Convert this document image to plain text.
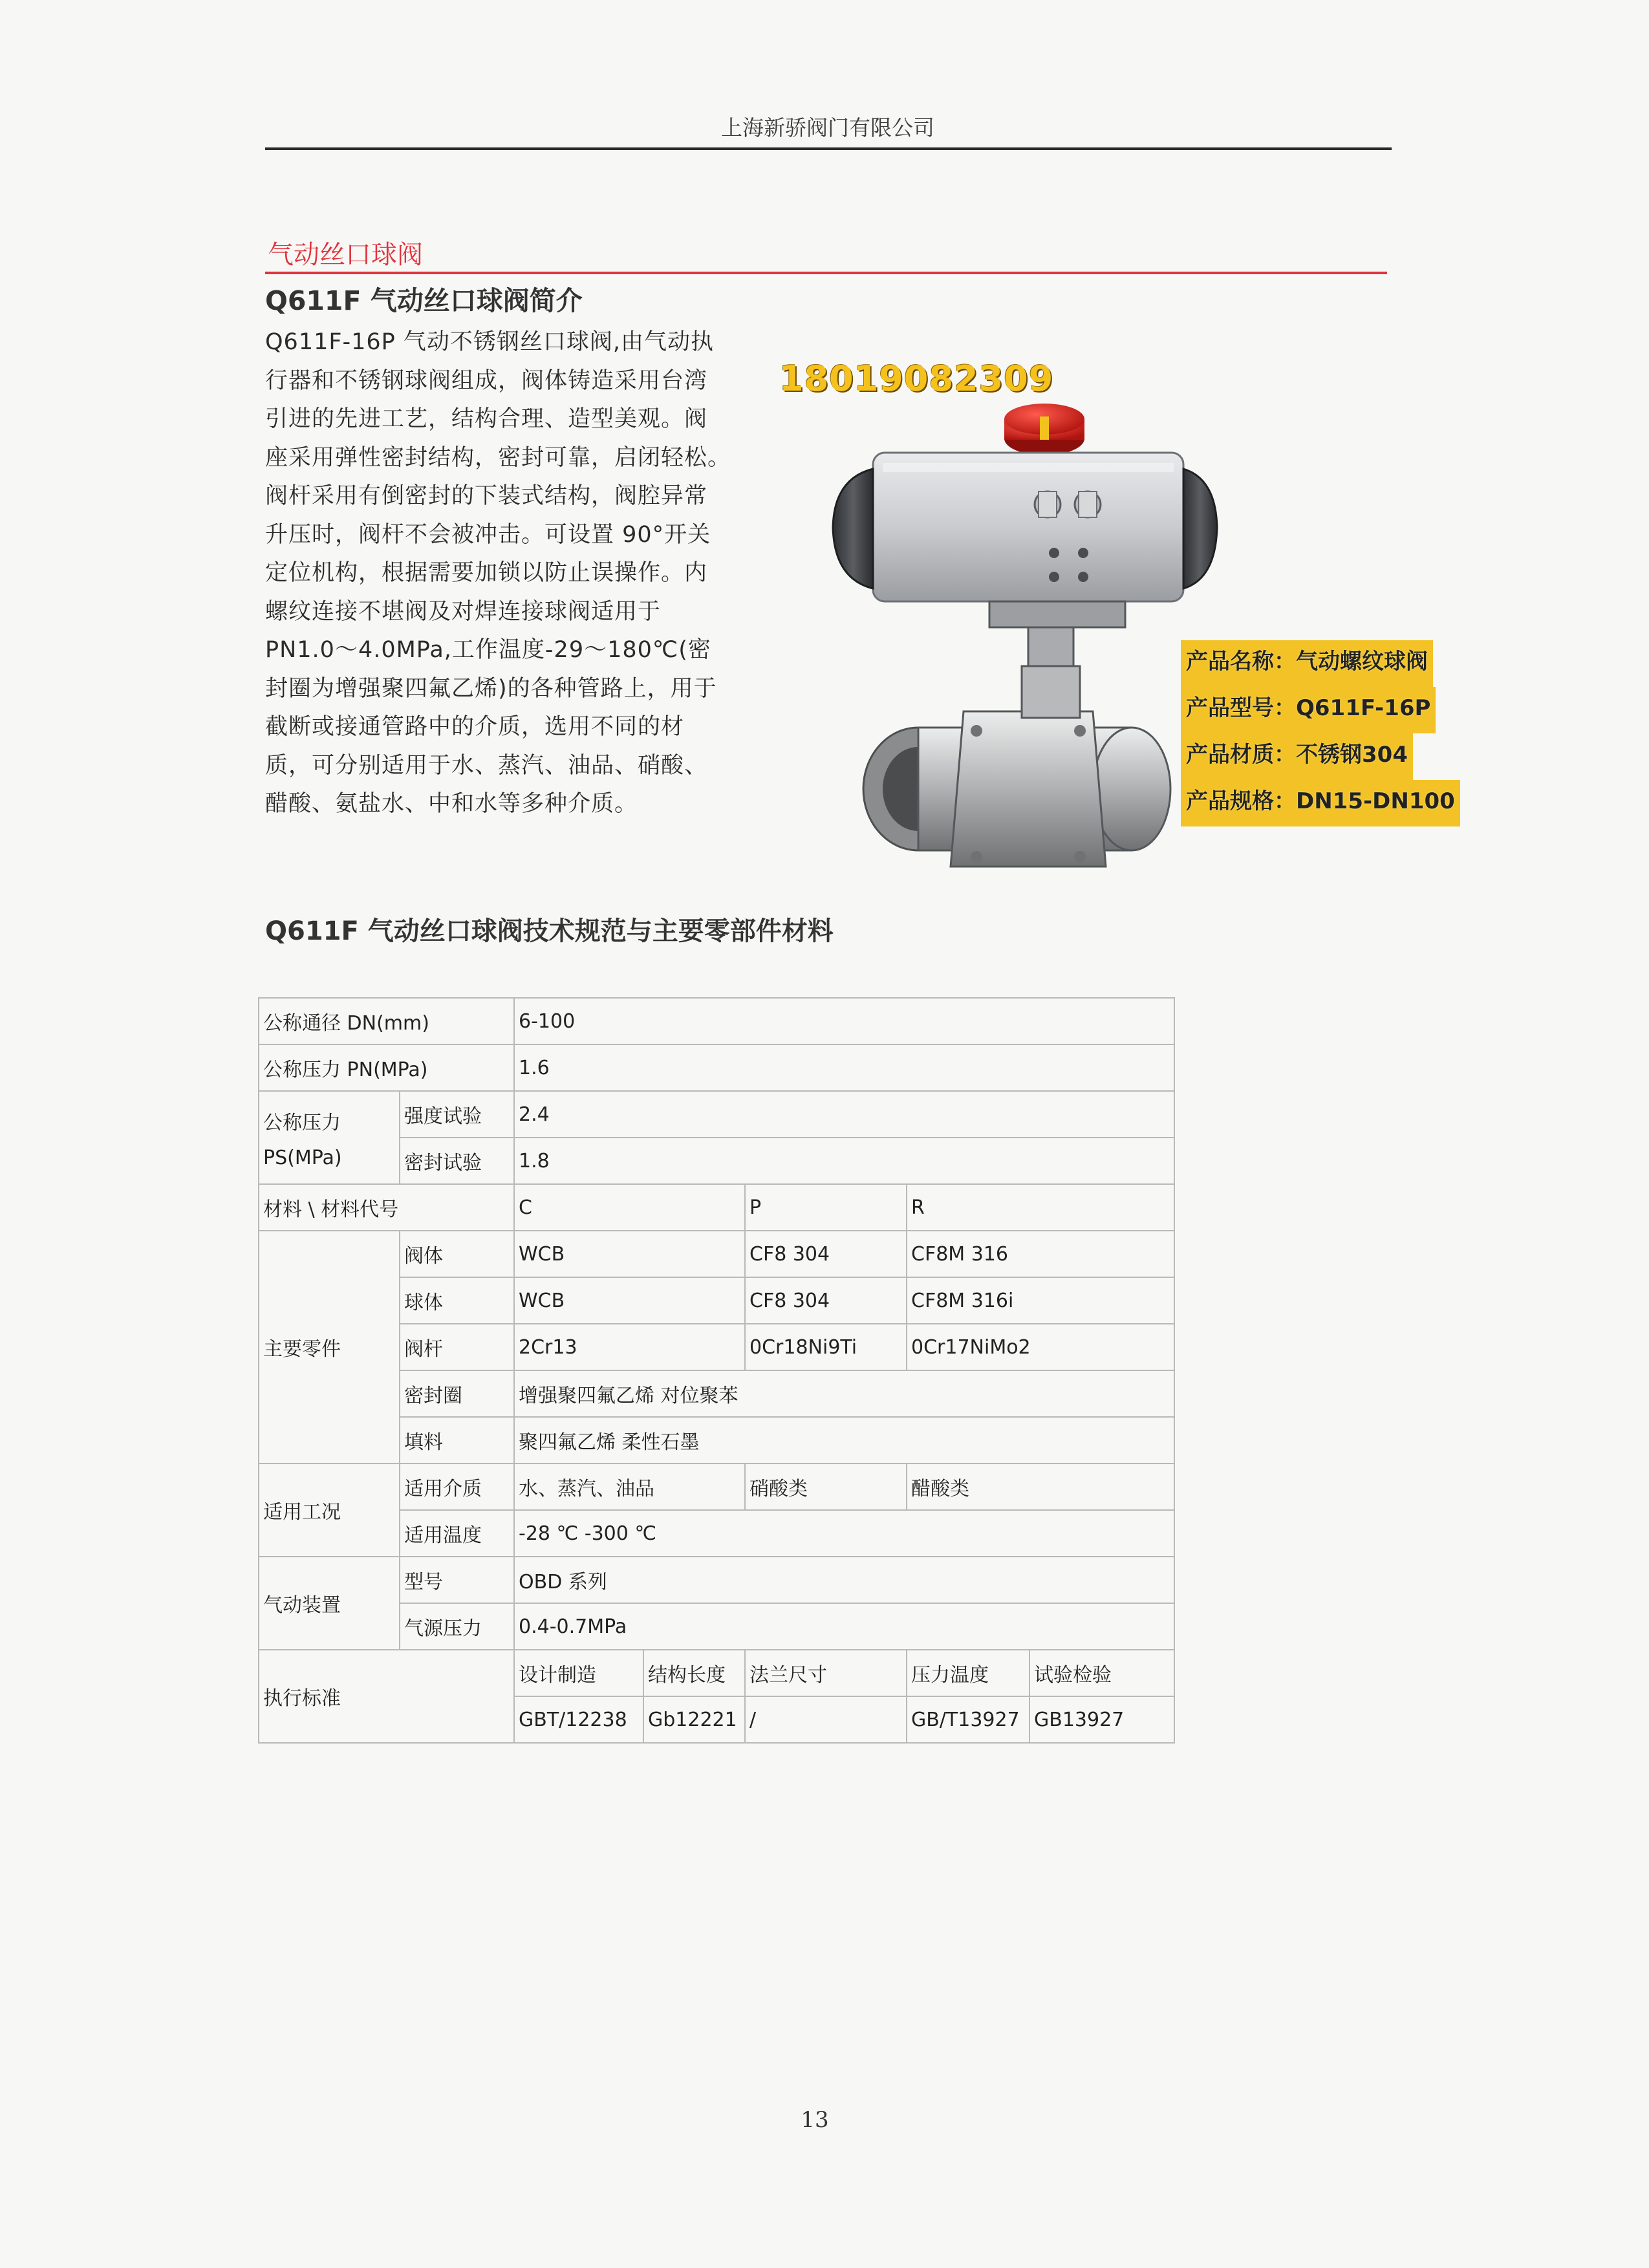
上海新骄阀门有限公司
气动丝口球阀
Q611F 气动丝口球阀简介
Q611F-16P 气动不锈钢丝口球阀,由气动执
行器和不锈钢球阀组成，阀体铸造采用台湾
引进的先进工艺，结构合理、造型美观。阀
座采用弹性密封结构，密封可靠，启闭轻松。
阀杆采用有倒密封的下装式结构，阀腔异常
升压时，阀杆不会被冲击。可设置 90°开关
定位机构，根据需要加锁以防止误操作。内
螺纹连接不堪阀及对焊连接球阀适用于
PN1.0～4.0MPa,工作温度-29～180℃(密
封圈为增强聚四氟乙烯)的各种管路上，用于
截断或接通管路中的介质，选用不同的材
质，可分别适用于水、蒸汽、油品、硝酸、
醋酸、氨盐水、中和水等多种介质。
18019082309
产品名称：气动螺纹球阀
产品型号：Q611F-16P
产品材质：不锈钢304
产品规格：DN15-DN100
Q611F 气动丝口球阀技术规范与主要零部件材料
公称通径 DN(mm)		6-100				
公称压力 PN(MPa)		1.6				

公称压力
PS(MPa)	强度试验	2.4				
	密封试验	1.8				
材料 \ 材料代号		C		P	R	
主要零件	阀体	WCB		CF8 304	CF8M 316	
	球体	WCB		CF8 304	CF8M 316i	
	阀杆	2Cr13		0Cr18Ni9Ti	0Cr17NiMo2	
	密封圈	增强聚四氟乙烯 对位聚苯				
	填料	聚四氟乙烯 柔性石墨				
适用工况	适用介质	水、蒸汽、油品		硝酸类	醋酸类	
	适用温度	-28 ℃ -300 ℃				
气动装置	型号	OBD 系列				
	气源压力	0.4-0.7MPa				
执行标准		设计制造	结构长度	法兰尺寸	压力温度	试验检验
		GBT/12238	Gb12221	/	GB/T13927	GB13927
13
